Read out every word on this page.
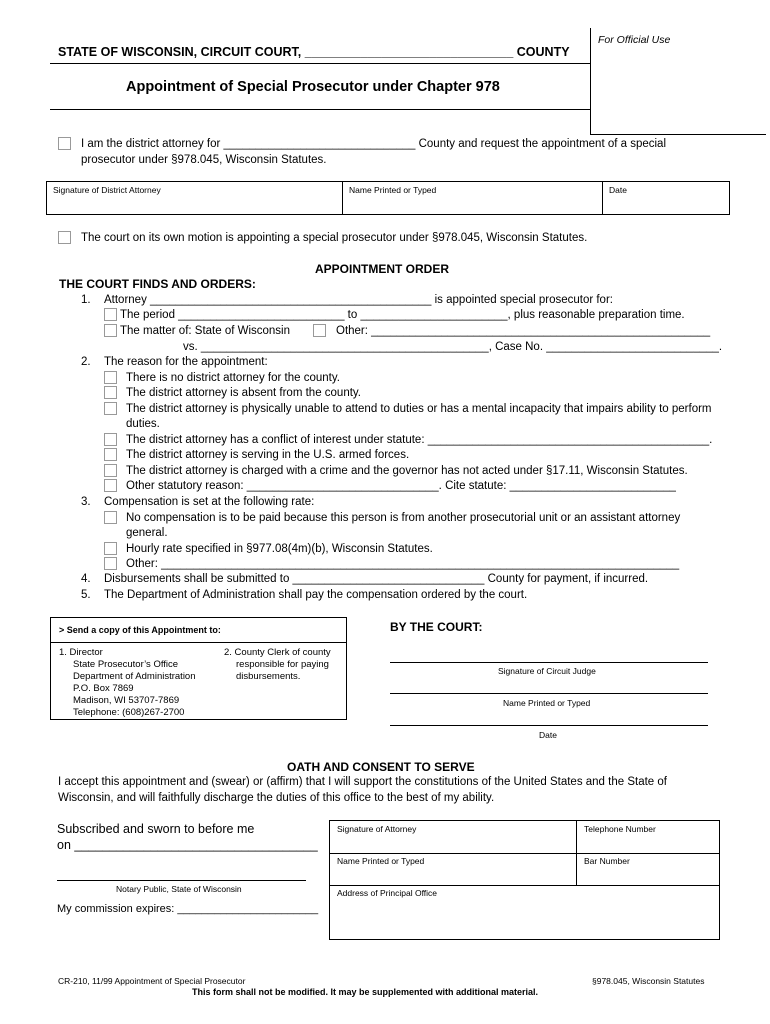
For Official Use
STATE OF WISCONSIN, CIRCUIT COURT, ______________________________ COUNTY
Appointment of Special Prosecutor under Chapter 978
I am the district attorney for ______________________________ County and request the appointment of a special
prosecutor under §978.045, Wisconsin Statutes.
Signature of District Attorney	Name Printed or Typed	Date
The court on its own motion is appointing a special prosecutor under §978.045, Wisconsin Statutes.
APPOINTMENT ORDER
THE COURT FINDS AND ORDERS:
1. Attorney ____________________________________________ is appointed special prosecutor for:
The period __________________________ to _______________________, plus reasonable preparation time.
The matter of: State of Wisconsin	Other: _____________________________________________________
vs. _____________________________________________, Case No. ___________________________.
2. The reason for the appointment:
There is no district attorney for the county.
The district attorney is absent from the county.
The district attorney is physically unable to attend to duties or has a mental incapacity that impairs ability to perform
duties.
The district attorney has a conflict of interest under statute: ____________________________________________.
The district attorney is serving in the U.S. armed forces.
The district attorney is charged with a crime and the governor has not acted under §17.11, Wisconsin Statutes.
Other statutory reason: ______________________________. Cite statute: __________________________
3. Compensation is set at the following rate:
No compensation is to be paid because this person is from another prosecutorial unit or an assistant attorney
general.
Hourly rate specified in §977.08(4m)(b), Wisconsin Statutes.
Other: _________________________________________________________________________________
4. Disbursements shall be submitted to ______________________________ County for payment, if incurred.
5. The Department of Administration shall pay the compensation ordered by the court.
> Send a copy of this Appointment to:
1. Director
State Prosecutor’s Office
Department of Administration
P.O. Box 7869
Madison, WI 53707-7869
Telephone: (608)267-2700
2. County Clerk of county
responsible for paying
disbursements.
BY THE COURT:
Signature of Circuit Judge
Name Printed or Typed
Date
OATH AND CONSENT TO SERVE
I accept this appointment and (swear) or (affirm) that I will support the constitutions of the United States and the State of
Wisconsin, and will faithfully discharge the duties of this office to the best of my ability.
Subscribed and sworn to before me
on ___________________________________
Notary Public, State of Wisconsin
My commission expires: _______________________
Signature of Attorney	Telephone Number
Name Printed or Typed	Bar Number
Address of Principal Office
CR-210, 11/99 Appointment of Special Prosecutor	§978.045, Wisconsin Statutes
This form shall not be modified. It may be supplemented with additional material.
